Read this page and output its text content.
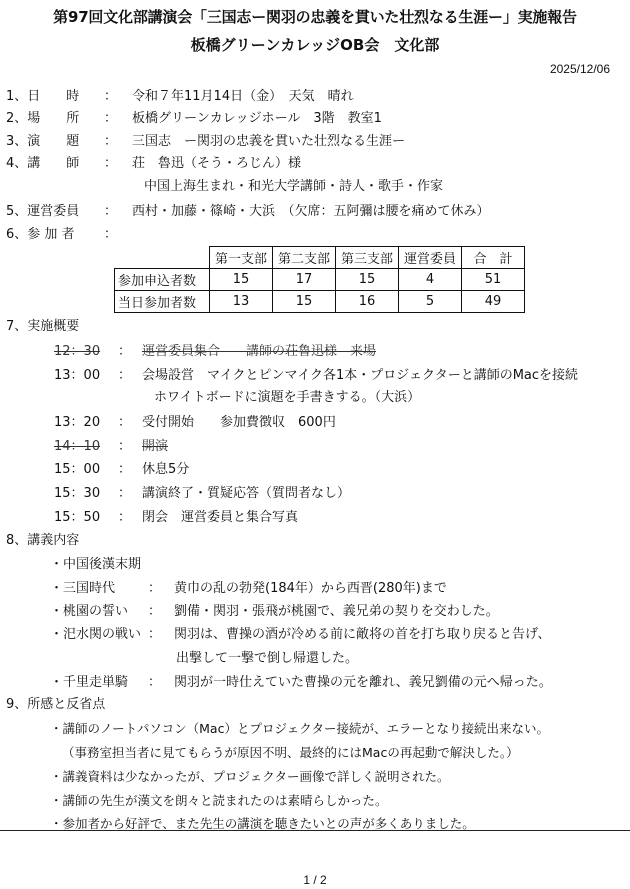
第97回文化部講演会「三国志ー関羽の忠義を貫いた壮烈なる生涯ー」実施報告
板橋グリーンカレッジOB会　文化部
2025/12/06
1、日　　時 ： 令和７年11月14日（金）　天気　晴れ
2、場　　所 ： 板橋グリーンカレッジホール　3階　教室1
3、演　　題 ： 三国志　ー関羽の忠義を貫いた壮烈なる生涯ー
4、講　　師 ： 荘　魯迅（そう・ろじん）様
中国上海生まれ・和光大学講師・詩人・歌手・作家
5、運営委員 ： 西村・加藤・篠崎・大浜　（欠席：五阿彌は腰を痛めて休み）
6、参 加 者 ：
	第一支部	第二支部	第三支部	運営委員	合　計
参加申込者数	15	17	15	4	51
当日参加者数	13	15	16	5	49
7、実施概要
12：30 ： 運営委員集合　　講師の荘魯迅様　来場
13：00 ： 会場設営　マイクとピンマイク各1本・プロジェクターと講師のMacを接続
ホワイトボードに演題を手書きする。（大浜）
13：20 ： 受付開始　　参加費徴収　600円
14：10 ： 開演
15：00 ： 休息5分
15：30 ： 講演終了・質疑応答（質問者なし）
15：50 ： 閉会　運営委員と集合写真
8、講義内容
・中国後漢末期
・三国時代	： 黄巾の乱の勃発(184年）から西晋(280年)まで
・桃園の誓い ： 劉備・関羽・張飛が桃園で、義兄弟の契りを交わした。
・汜水関の戦い ： 関羽は、曹操の酒が冷める前に敵将の首を打ち取り戻ると告げ、
出撃して一撃で倒し帰還した。
・千里走単騎 ： 関羽が一時仕えていた曹操の元を離れ、義兄劉備の元へ帰った。
9、所感と反省点
・講師のノートパソコン（Mac）とプロジェクター接続が、エラーとなり接続出来ない。
（事務室担当者に見てもらうが原因不明、最終的にはMacの再起動で解決した。）
・講義資料は少なかったが、プロジェクター画像で詳しく説明された。
・講師の先生が漢文を朗々と読まれたのは素晴らしかった。
・参加者から好評で、また先生の講演を聴きたいとの声が多くありました。
1 / 2
